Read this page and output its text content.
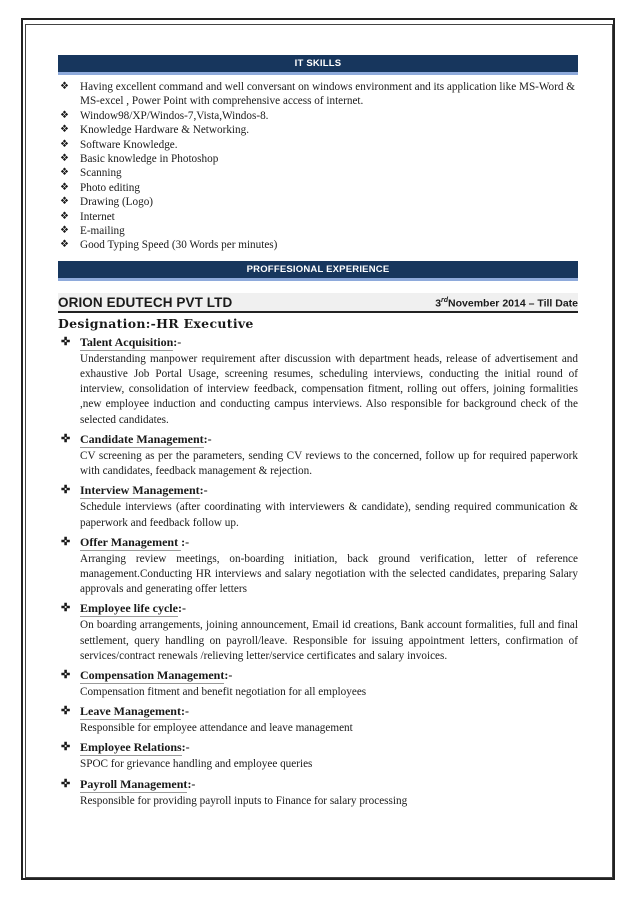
IT SKILLS
❖ Having excellent command and well conversant on windows environment and its application like MS-Word & MS-excel , Power Point with comprehensive access of internet.
❖ Window98/XP/Windos-7,Vista,Windos-8.
❖ Knowledge Hardware & Networking.
❖ Software Knowledge.
❖ Basic knowledge in Photoshop
❖ Scanning
❖ Photo editing
❖ Drawing (Logo)
❖ Internet
❖ E-mailing
❖ Good Typing Speed (30 Words per minutes)
PROFFESIONAL EXPERIENCE
ORION EDUTECH PVT LTD	3rdNovember 2014 – Till Date
Designation:-HR Executive
✜ Talent Acquisition:-
Understanding manpower requirement after discussion with department heads, release of advertisement and exhaustive Job Portal Usage, screening resumes, scheduling interviews, conducting the initial round of interview, consolidation of interview feedback, compensation fitment, rolling out offers, joining formalities ,new employee induction and conducting campus interviews. Also responsible for background check of the selected candidates.
✜ Candidate Management:-
CV screening as per the parameters, sending CV reviews to the concerned, follow up for required paperwork with candidates, feedback management & rejection.
✜ Interview Management:-
Schedule interviews (after coordinating with interviewers & candidate), sending required communication & paperwork and feedback follow up.
✜ Offer Management :-
Arranging review meetings, on-boarding initiation, back ground verification, letter of reference management.Conducting HR interviews and salary negotiation with the selected candidates, preparing Salary approvals and generating offer letters
✜ Employee life cycle:-
On boarding arrangements, joining announcement, Email id creations, Bank account formalities, full and final settlement, query handling on payroll/leave. Responsible for issuing appointment letters, confirmation of services/contract renewals /relieving letter/service certificates and salary invoices.
✜ Compensation Management:-
Compensation fitment and benefit negotiation for all employees
✜ Leave Management:-
Responsible for employee attendance and leave management
✜ Employee Relations:-
SPOC for grievance handling and employee queries
✜ Payroll Management:-
Responsible for providing payroll inputs to Finance for salary processing
